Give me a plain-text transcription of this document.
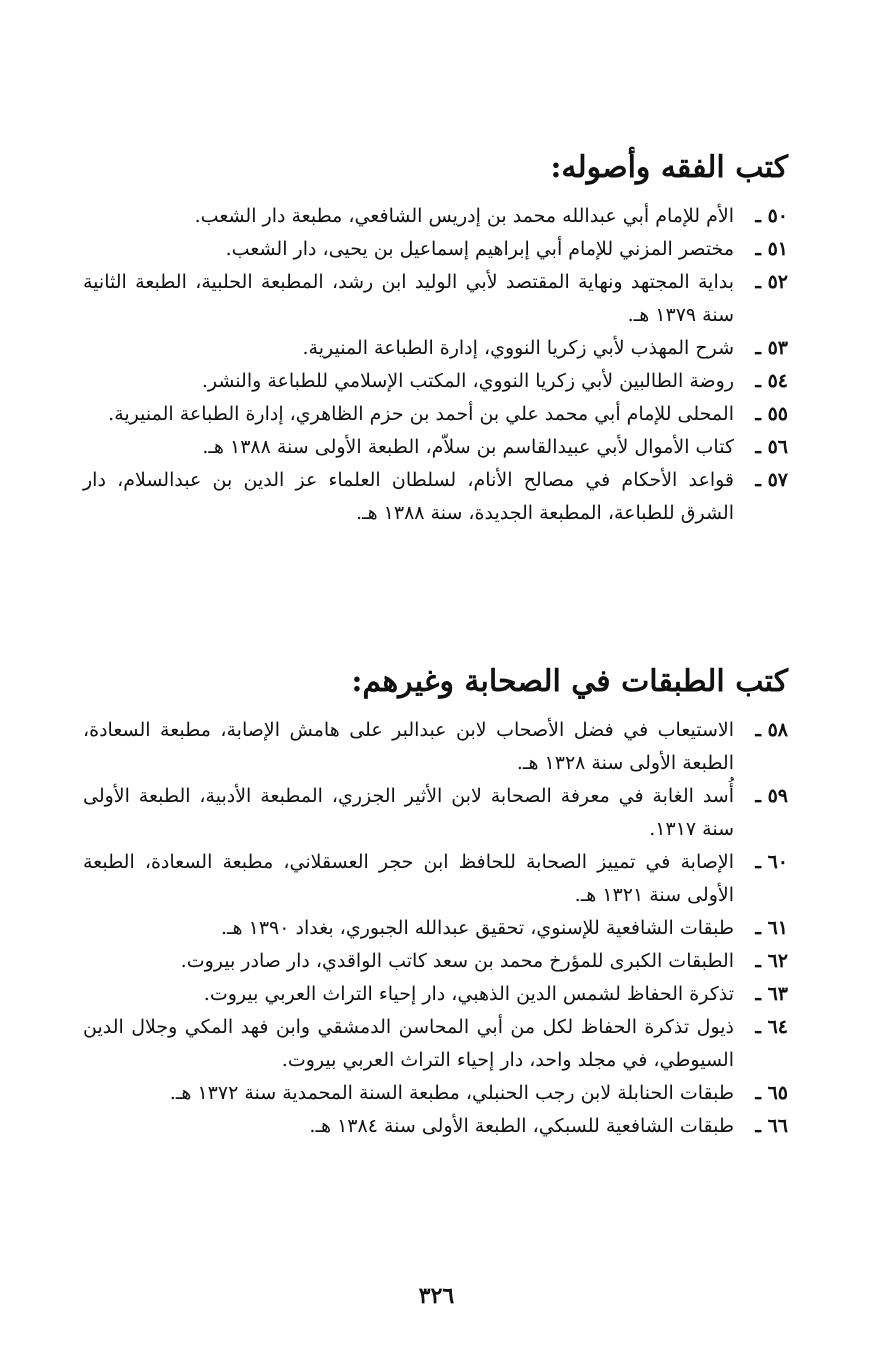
كتب الفقه وأصوله:
٥٠ ـ
الأم للإمام أبي عبدالله محمد بن إدريس الشافعي، مطبعة دار الشعب.
٥١ ـ
مختصر المزني للإمام أبي إبراهيم إسماعيل بن يحيى، دار الشعب.
٥٢ ـ
بداية المجتهد ونهاية المقتصد لأبي الوليد ابن رشد، المطبعة الحلبية، الطبعة الثانية سنة ١٣٧٩ هـ.
٥٣ ـ
شرح المهذب لأبي زكريا النووي، إدارة الطباعة المنيرية.
٥٤ ـ
روضة الطالبين لأبي زكريا النووي، المكتب الإسلامي للطباعة والنشر.
٥٥ ـ
المحلى للإمام أبي محمد علي بن أحمد بن حزم الظاهري، إدارة الطباعة المنيرية.
٥٦ ـ
كتاب الأموال لأبي عبيدالقاسم بن سلاّم، الطبعة الأولى سنة ١٣٨٨ هـ.
٥٧ ـ
قواعد الأحكام في مصالح الأنام، لسلطان العلماء عز الدين بن عبدالسلام، دار الشرق للطباعة، المطبعة الجديدة، سنة ١٣٨٨ هـ.
كتب الطبقات في الصحابة وغيرهم:
٥٨ ـ
الاستيعاب في فضل الأصحاب لابن عبدالبر على هامش الإصابة، مطبعة السعادة، الطبعة الأولى سنة ١٣٢٨ هـ.
٥٩ ـ
أُسد الغابة في معرفة الصحابة لابن الأثير الجزري، المطبعة الأدبية، الطبعة الأولى سنة ١٣١٧.
٦٠ ـ
الإصابة في تمييز الصحابة للحافظ ابن حجر العسقلاني، مطبعة السعادة، الطبعة الأولى سنة ١٣٢١ هـ.
٦١ ـ
طبقات الشافعية للإسنوي، تحقيق عبدالله الجبوري، بغداد ١٣٩٠ هـ.
٦٢ ـ
الطبقات الكبرى للمؤرخ محمد بن سعد كاتب الواقدي، دار صادر بيروت.
٦٣ ـ
تذكرة الحفاظ لشمس الدين الذهبي، دار إحياء التراث العربي بيروت.
٦٤ ـ
ذيول تذكرة الحفاظ لكل من أبي المحاسن الدمشقي وابن فهد المكي وجلال الدين السيوطي، في مجلد واحد، دار إحياء التراث العربي بيروت.
٦٥ ـ
طبقات الحنابلة لابن رجب الحنبلي، مطبعة السنة المحمدية سنة ١٣٧٢ هـ.
٦٦ ـ
طبقات الشافعية للسبكي، الطبعة الأولى سنة ١٣٨٤ هـ.
٣٢٦
